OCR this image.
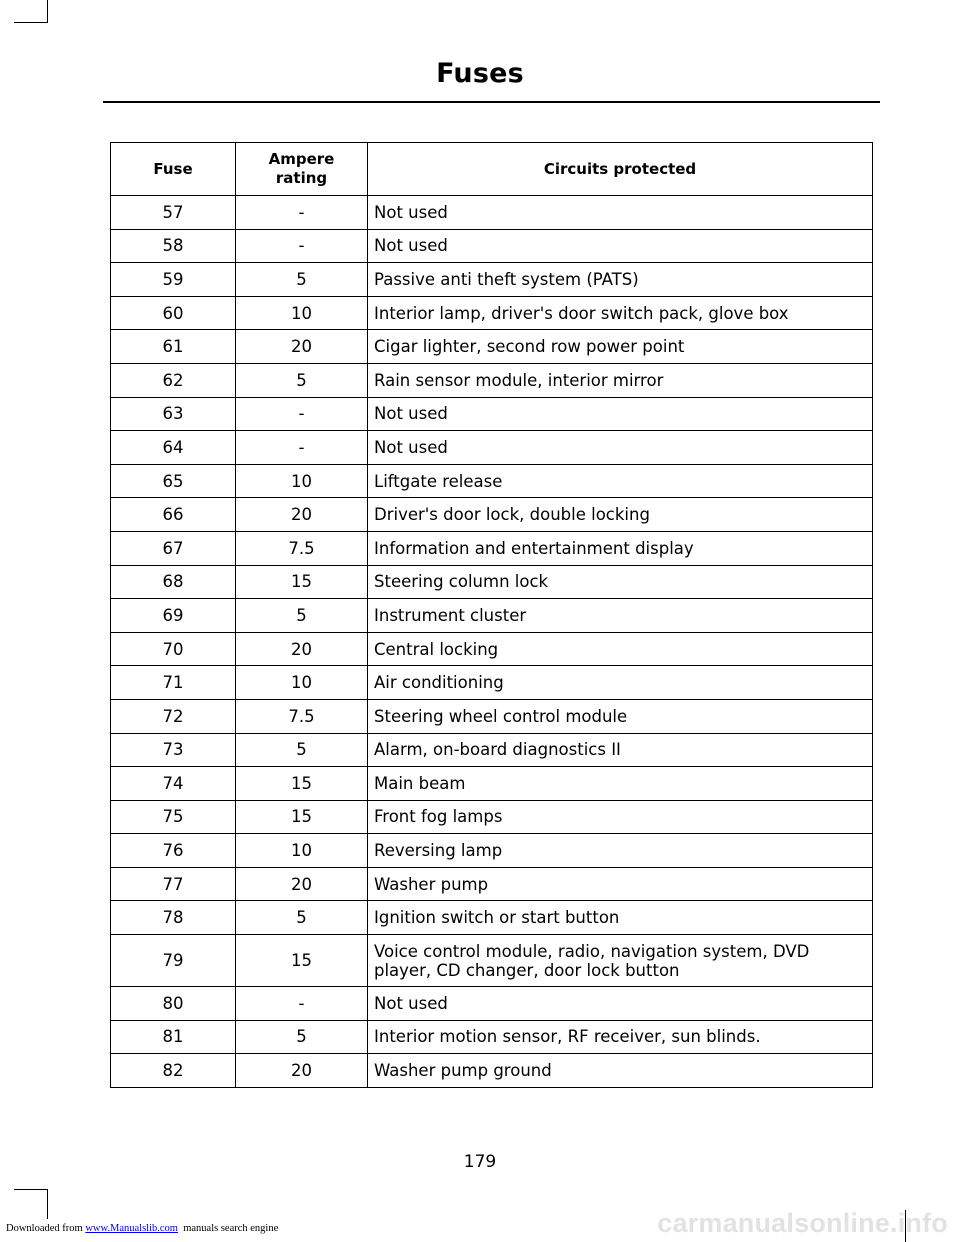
Fuses
Fuse	Ampere rating	Circuits protected
57	-	Not used
58	-	Not used
59	5	Passive anti theft system (PATS)
60	10	Interior lamp, driver's door switch pack, glove box
61	20	Cigar lighter, second row power point
62	5	Rain sensor module, interior mirror
63	-	Not used
64	-	Not used
65	10	Liftgate release
66	20	Driver's door lock, double locking
67	7.5	Information and entertainment display
68	15	Steering column lock
69	5	Instrument cluster
70	20	Central locking
71	10	Air conditioning
72	7.5	Steering wheel control module
73	5	Alarm, on-board diagnostics II
74	15	Main beam
75	15	Front fog lamps
76	10	Reversing lamp
77	20	Washer pump
78	5	Ignition switch or start button
79	15	Voice control module, radio, navigation system, DVD player, CD changer, door lock button
80	-	Not used
81	5	Interior motion sensor, RF receiver, sun blinds.
82	20	Washer pump ground
179
Downloaded from www.Manualslib.com manuals search engine	carmanualsonline.info
